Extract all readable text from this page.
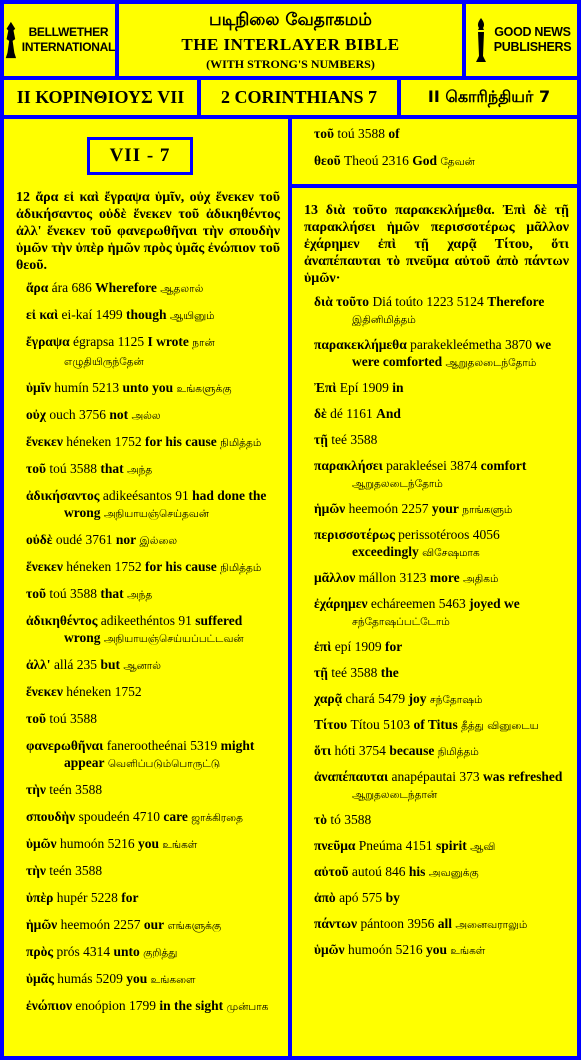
BELLWETHER
INTERNATIONAL
படிநிலை வேதாகமம்
THE INTERLAYER BIBLE
(WITH STRONG'S NUMBERS)
GOOD NEWS
PUBLISHERS
II ΚΟΡΙΝΘΙΟΥΣ VII	2 CORINTHIANS 7	II கொரிந்தியர் 7
VII - 7
12 ἄρα εἰ καὶ ἔγραψα ὑμῖν, οὐχ ἕνεκεν τοῦ ἀδικήσαντος οὐδὲ ἕνεκεν τοῦ ἀδικηθέντος ἀλλ' ἕνεκεν τοῦ φανερωθῆναι τὴν σπουδὴν ὑμῶν τὴν ὑπὲρ ἡμῶν πρὸς ὑμᾶς ἐνώπιον τοῦ θεοῦ.

ἄρα ára 686 Wherefore ஆதலால்

εἰ καὶ ei-kaí 1499 though ஆயினும்

ἔγραψα égrapsa 1125 I wrote நான் எழுதியிருந்தேன்

ὑμῖν humín 5213 unto you உங்களுக்கு

οὐχ ouch 3756 not அல்ல

ἕνεκεν héneken 1752 for his cause நிமித்தம்

τοῦ toú 3588 that அந்த

ἀδικήσαντος adikeésantos 91 had done the wrong அநியாயஞ்செய்தவன்

οὐδὲ oudé 3761 nor இல்லை

ἕνεκεν héneken 1752 for his cause நிமித்தம்

τοῦ toú 3588 that அந்த

ἀδικηθέντος adikeethéntos 91 suffered wrong அநியாயஞ்செய்யப்பட்டவன்

ἀλλ' allá 235 but ஆனால்

ἕνεκεν héneken 1752

τοῦ toú 3588

φανερωθῆναι fanerootheénai 5319 might appear வெளிப்படும்பொருட்டு

τὴν teén 3588

σπουδὴν spoudeén 4710 care ஜாக்கிரதை

ὑμῶν humoón 5216 you உங்கள்

τὴν teén 3588

ὑπὲρ hupér 5228 for

ἡμῶν heemoón 2257 our எங்களுக்கு

πρὸς prós 4314 unto குறித்து

ὑμᾶς humás 5209 you உங்களை

ἐνώπιον enoópion 1799 in the sight முன்பாக

τοῦ toú 3588 of

θεοῦ Theoú 2316 God தேவன்

13 διὰ τοῦτο παρακεκλήμεθα. Ἐπὶ δὲ τῇ παρακλήσει ἡμῶν περισσοτέρως μᾶλλον ἐχάρημεν ἐπὶ τῇ χαρᾷ Τίτου, ὅτι ἀναπέπαυται τὸ πνεῦμα αὐτοῦ ἀπὸ πάντων ὑμῶν·

διὰ τοῦτο Diá toúto 1223 5124 Therefore இதினிமித்தம்

παρακεκλήμεθα parakekleémetha 3870 we were comforted ஆறுதலடைந்தோம்

Ἐπὶ Epí 1909 in

δὲ dé 1161 And

τῇ teé 3588

παρακλήσει parakleései 3874 comfort ஆறுதலடைந்தோம்

ἡμῶν heemoón 2257 your நாங்களும்

περισσοτέρως perissotéroos 4056 exceedingly விசேஷமாக

μᾶλλον mállon 3123 more அதிகம்

ἐχάρημεν echáreemen 5463 joyed we சந்தோஷப்பட்டோம்

ἐπὶ epí 1909 for

τῇ teé 3588 the

χαρᾷ chará 5479 joy சந்தோஷம்

Τίτου Títou 5103 of Titus தீத்து வினுடைய

ὅτι hóti 3754 because நிமித்தம்

ἀναπέπαυται anapépautai 373 was refreshed ஆறுதலடைந்தான்

τὸ tó 3588

πνεῦμα Pneúma 4151 spirit ஆவி

αὐτοῦ autoú 846 his அவனுக்கு

ἀπὸ apó 575 by

πάντων pántoon 3956 all அனைவராலும்

ὑμῶν humoón 5216 you உங்கள்
